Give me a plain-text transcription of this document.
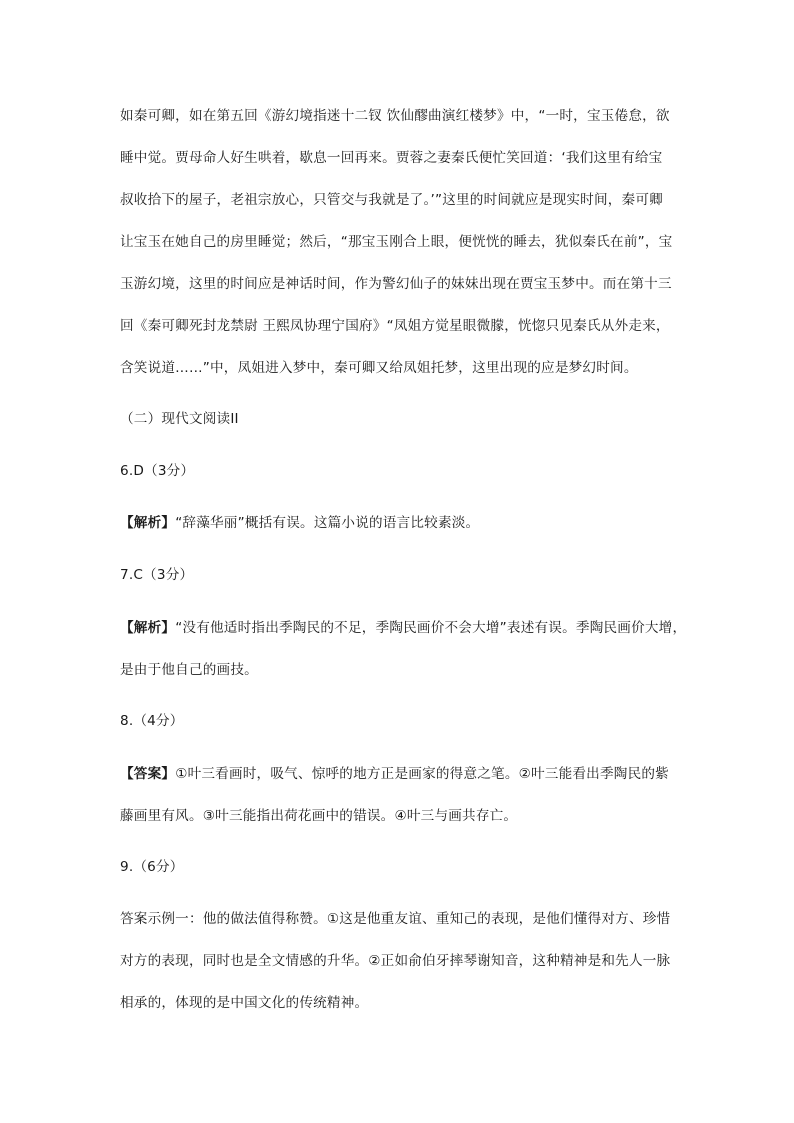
如秦可卿，如在第五回《游幻境指迷十二钗 饮仙醪曲演红楼梦》中，“一时，宝玉倦怠，欲
睡中觉。贾母命人好生哄着，歇息一回再来。贾蓉之妻秦氏便忙笑回道：‘我们这里有给宝
叔收拾下的屋子，老祖宗放心，只管交与我就是了。’”这里的时间就应是现实时间，秦可卿
让宝玉在她自己的房里睡觉；然后，“那宝玉刚合上眼，便恍恍的睡去，犹似秦氏在前”，宝
玉游幻境，这里的时间应是神话时间，作为警幻仙子的妹妹出现在贾宝玉梦中。而在第十三
回《秦可卿死封龙禁尉 王熙凤协理宁国府》“凤姐方觉星眼微朦，恍惚只见秦氏从外走来，
含笑说道……”中，凤姐进入梦中，秦可卿又给凤姐托梦，这里出现的应是梦幻时间。
（二）现代文阅读II
6.D（3分）
【解析】“辞藻华丽”概括有误。这篇小说的语言比较素淡。
7.C（3分）
【解析】“没有他适时指出季陶民的不足，季陶民画价不会大增”表述有误。季陶民画价大增，
是由于他自己的画技。
8.（4分）
【答案】①叶三看画时，吸气、惊呼的地方正是画家的得意之笔。②叶三能看出季陶民的紫
藤画里有风。③叶三能指出荷花画中的错误。④叶三与画共存亡。
9.（6分）
答案示例一：他的做法值得称赞。①这是他重友谊、重知己的表现，是他们懂得对方、珍惜
对方的表现，同时也是全文情感的升华。②正如俞伯牙摔琴谢知音，这种精神是和先人一脉
相承的，体现的是中国文化的传统精神。
